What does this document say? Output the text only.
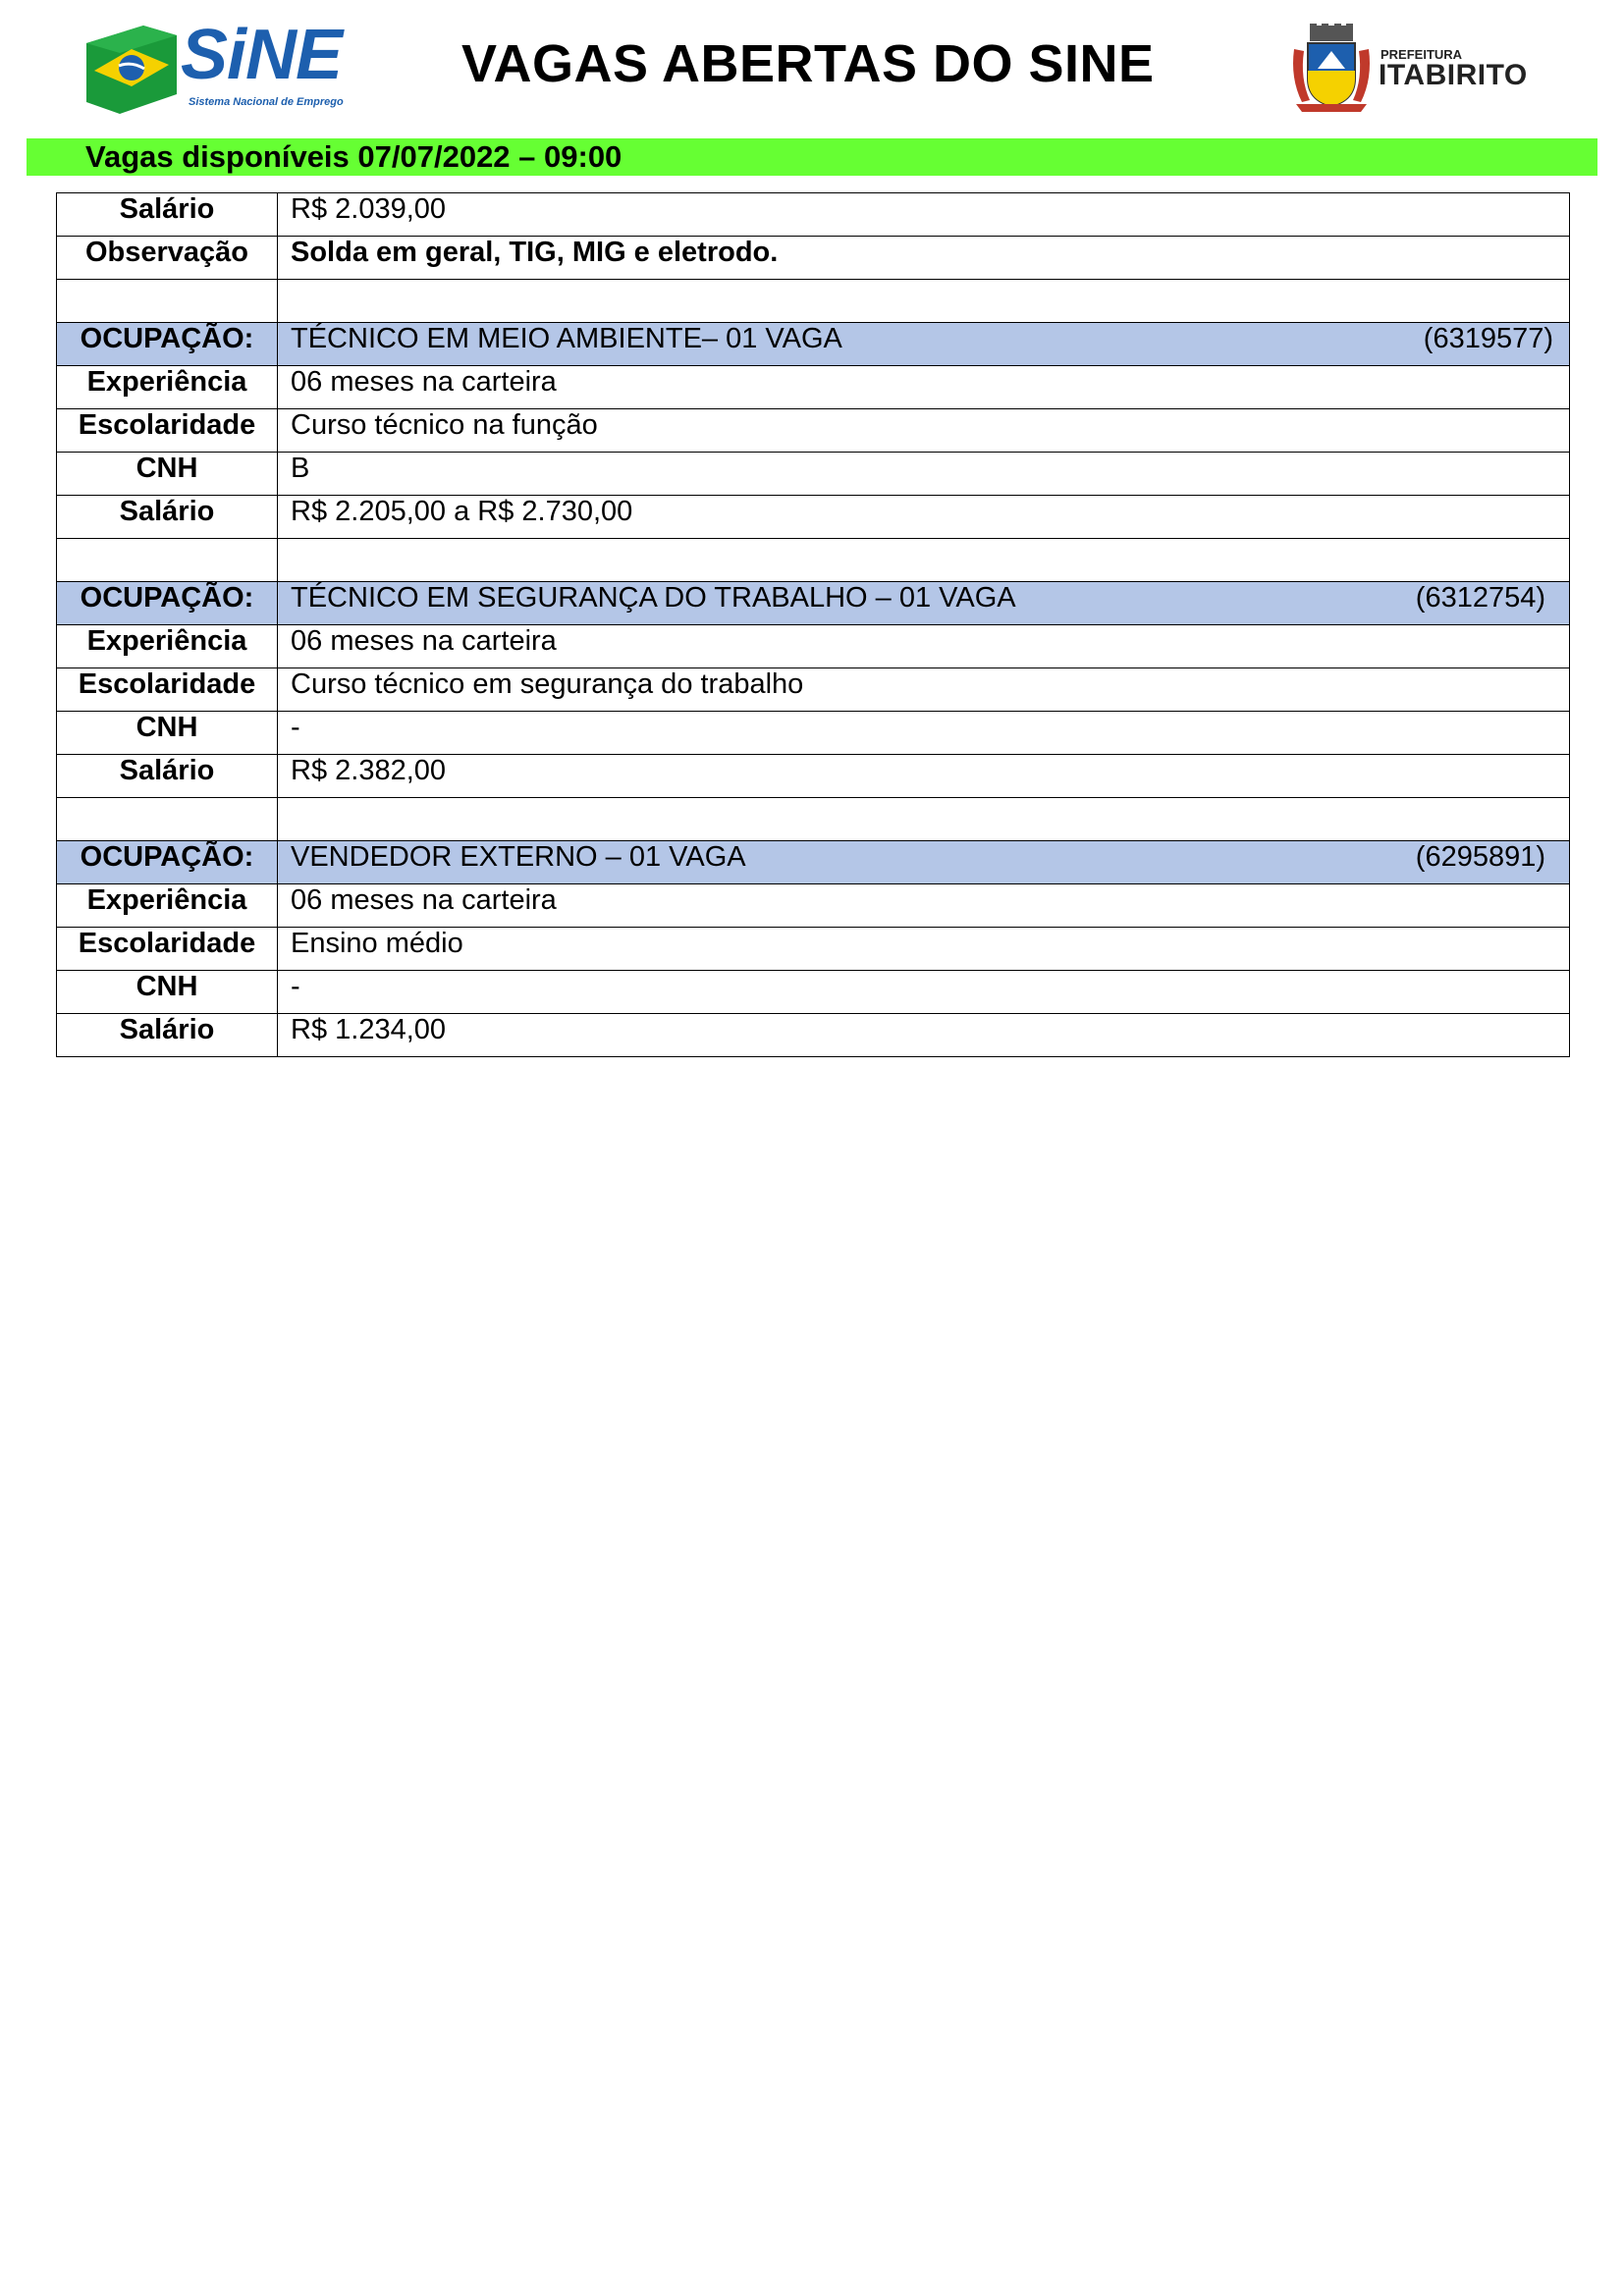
SiNE
Sistema Nacional de Emprego
VAGAS ABERTAS DO SINE	PREFEITURA
ITABIRITO
Vagas disponíveis 07/07/2022 – 09:00
Salário	R$ 2.039,00

Observação	Solda em geral, TIG, MIG e eletrodo.

OCUPAÇÃO:	TÉCNICO EM MEIO AMBIENTE– 01 VAGA (6319577)

Experiência	06 meses na carteira

Escolaridade	Curso técnico na função

CNH	B

Salário	R$ 2.205,00 a R$ 2.730,00

OCUPAÇÃO:	TÉCNICO EM SEGURANÇA DO TRABALHO – 01 VAGA (6312754)

Experiência	06 meses na carteira

Escolaridade	Curso técnico em segurança do trabalho

CNH	-

Salário	R$ 2.382,00

OCUPAÇÃO:	VENDEDOR EXTERNO – 01 VAGA (6295891)

Experiência	06 meses na carteira

Escolaridade	Ensino médio

CNH	-

Salário	R$ 1.234,00
